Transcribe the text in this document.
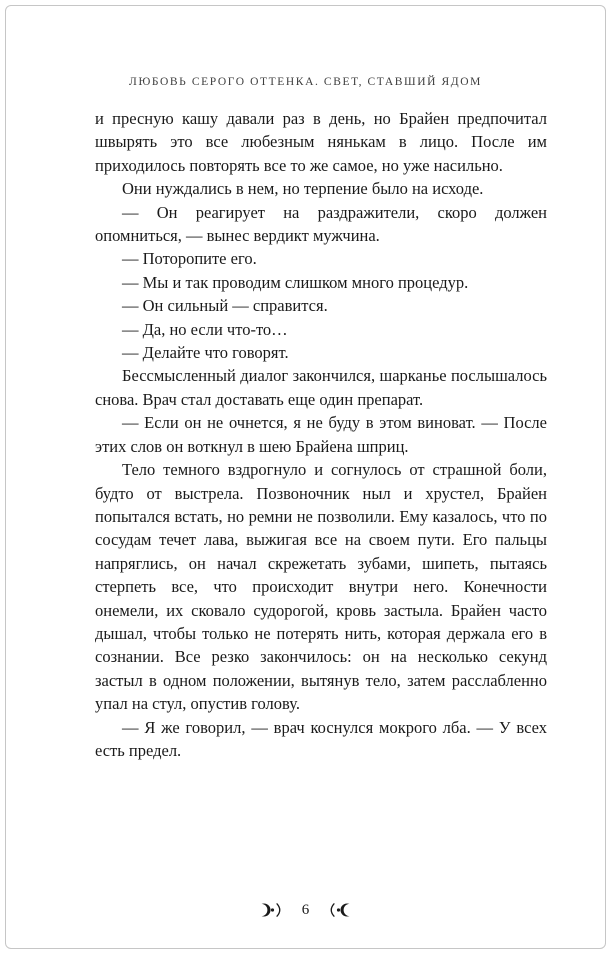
ЛЮБОВЬ СЕРОГО ОТТЕНКА. СВЕТ, СТАВШИЙ ЯДОМ

и пресную кашу давали раз в день, но Брайен предпочитал швырять это все любезным нянькам в лицо. После им приходилось повторять все то же самое, но уже насильно.

Они нуждались в нем, но терпение было на исходе.

— Он реагирует на раздражители, скоро должен опомниться, — вынес вердикт мужчина.

— Поторопите его.

— Мы и так проводим слишком много процедур.

— Он сильный — справится.

— Да, но если что-то…

— Делайте что говорят.

Бессмысленный диалог закончился, шарканье послышалось снова. Врач стал доставать еще один препарат.

— Если он не очнется, я не буду в этом виноват. — После этих слов он воткнул в шею Брайена шприц.

Тело темного вздрогнуло и согнулось от страшной боли, будто от выстрела. Позвоночник ныл и хрустел, Брайен попытался встать, но ремни не позволили. Ему казалось, что по сосудам течет лава, выжигая все на своем пути. Его пальцы напряглись, он начал скрежетать зубами, шипеть, пытаясь стерпеть все, что происходит внутри него. Конечности онемели, их сковало судорогой, кровь застыла. Брайен часто дышал, чтобы только не потерять нить, которая держала его в сознании. Все резко закончилось: он на несколько секунд застыл в одном положении, вытянув тело, затем расслабленно упал на стул, опустив голову.

— Я же говорил, — врач коснулся мокрого лба. — У всех есть предел.

6
